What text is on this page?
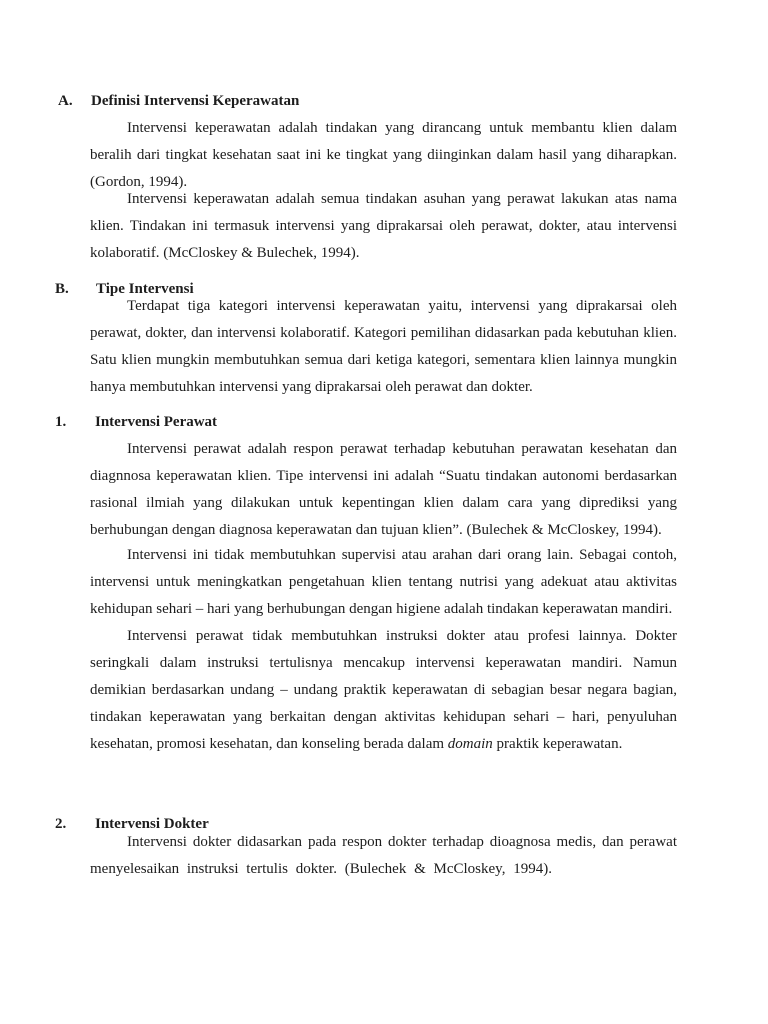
A. Definisi Intervensi Keperawatan
Intervensi keperawatan adalah tindakan yang dirancang untuk membantu klien dalam
beralih dari tingkat kesehatan saat ini ke tingkat yang diinginkan dalam hasil yang diharapkan.
(Gordon, 1994).
Intervensi keperawatan adalah semua tindakan asuhan yang perawat lakukan atas nama
klien. Tindakan ini termasuk intervensi yang diprakarsai oleh perawat, dokter, atau intervensi
kolaboratif. (McCloskey & Bulechek, 1994).
B. Tipe Intervensi
Terdapat tiga kategori intervensi keperawatan yaitu, intervensi yang diprakarsai oleh
perawat, dokter, dan intervensi kolaboratif. Kategori pemilihan didasarkan pada kebutuhan klien.
Satu klien mungkin membutuhkan semua dari ketiga kategori, sementara klien lainnya mungkin
hanya membutuhkan intervensi yang diprakarsai oleh perawat dan dokter.
1. Intervensi Perawat
Intervensi perawat adalah respon perawat terhadap kebutuhan perawatan kesehatan dan
diagnnosa keperawatan klien. Tipe intervensi ini adalah “Suatu tindakan autonomi berdasarkan
rasional ilmiah yang dilakukan untuk kepentingan klien dalam cara yang diprediksi yang
berhubungan dengan diagnosa keperawatan dan tujuan klien”. (Bulechek & McCloskey, 1994).
Intervensi ini tidak membutuhkan supervisi atau arahan dari orang lain. Sebagai contoh,
intervensi untuk meningkatkan pengetahuan klien tentang nutrisi yang adekuat atau aktivitas
kehidupan sehari – hari yang berhubungan dengan higiene adalah tindakan keperawatan mandiri.
Intervensi perawat tidak membutuhkan instruksi dokter atau profesi lainnya. Dokter
seringkali dalam instruksi tertulisnya mencakup intervensi keperawatan mandiri. Namun
demikian berdasarkan undang – undang praktik keperawatan di sebagian besar negara bagian,
tindakan keperawatan yang berkaitan dengan aktivitas kehidupan sehari – hari, penyuluhan
kesehatan, promosi kesehatan, dan konseling berada dalam domain praktik keperawatan.
2. Intervensi Dokter
Intervensi dokter didasarkan pada respon dokter terhadap dioagnosa medis, dan perawat
menyelesaikan instruksi tertulis dokter. (Bulechek & McCloskey, 1994).
